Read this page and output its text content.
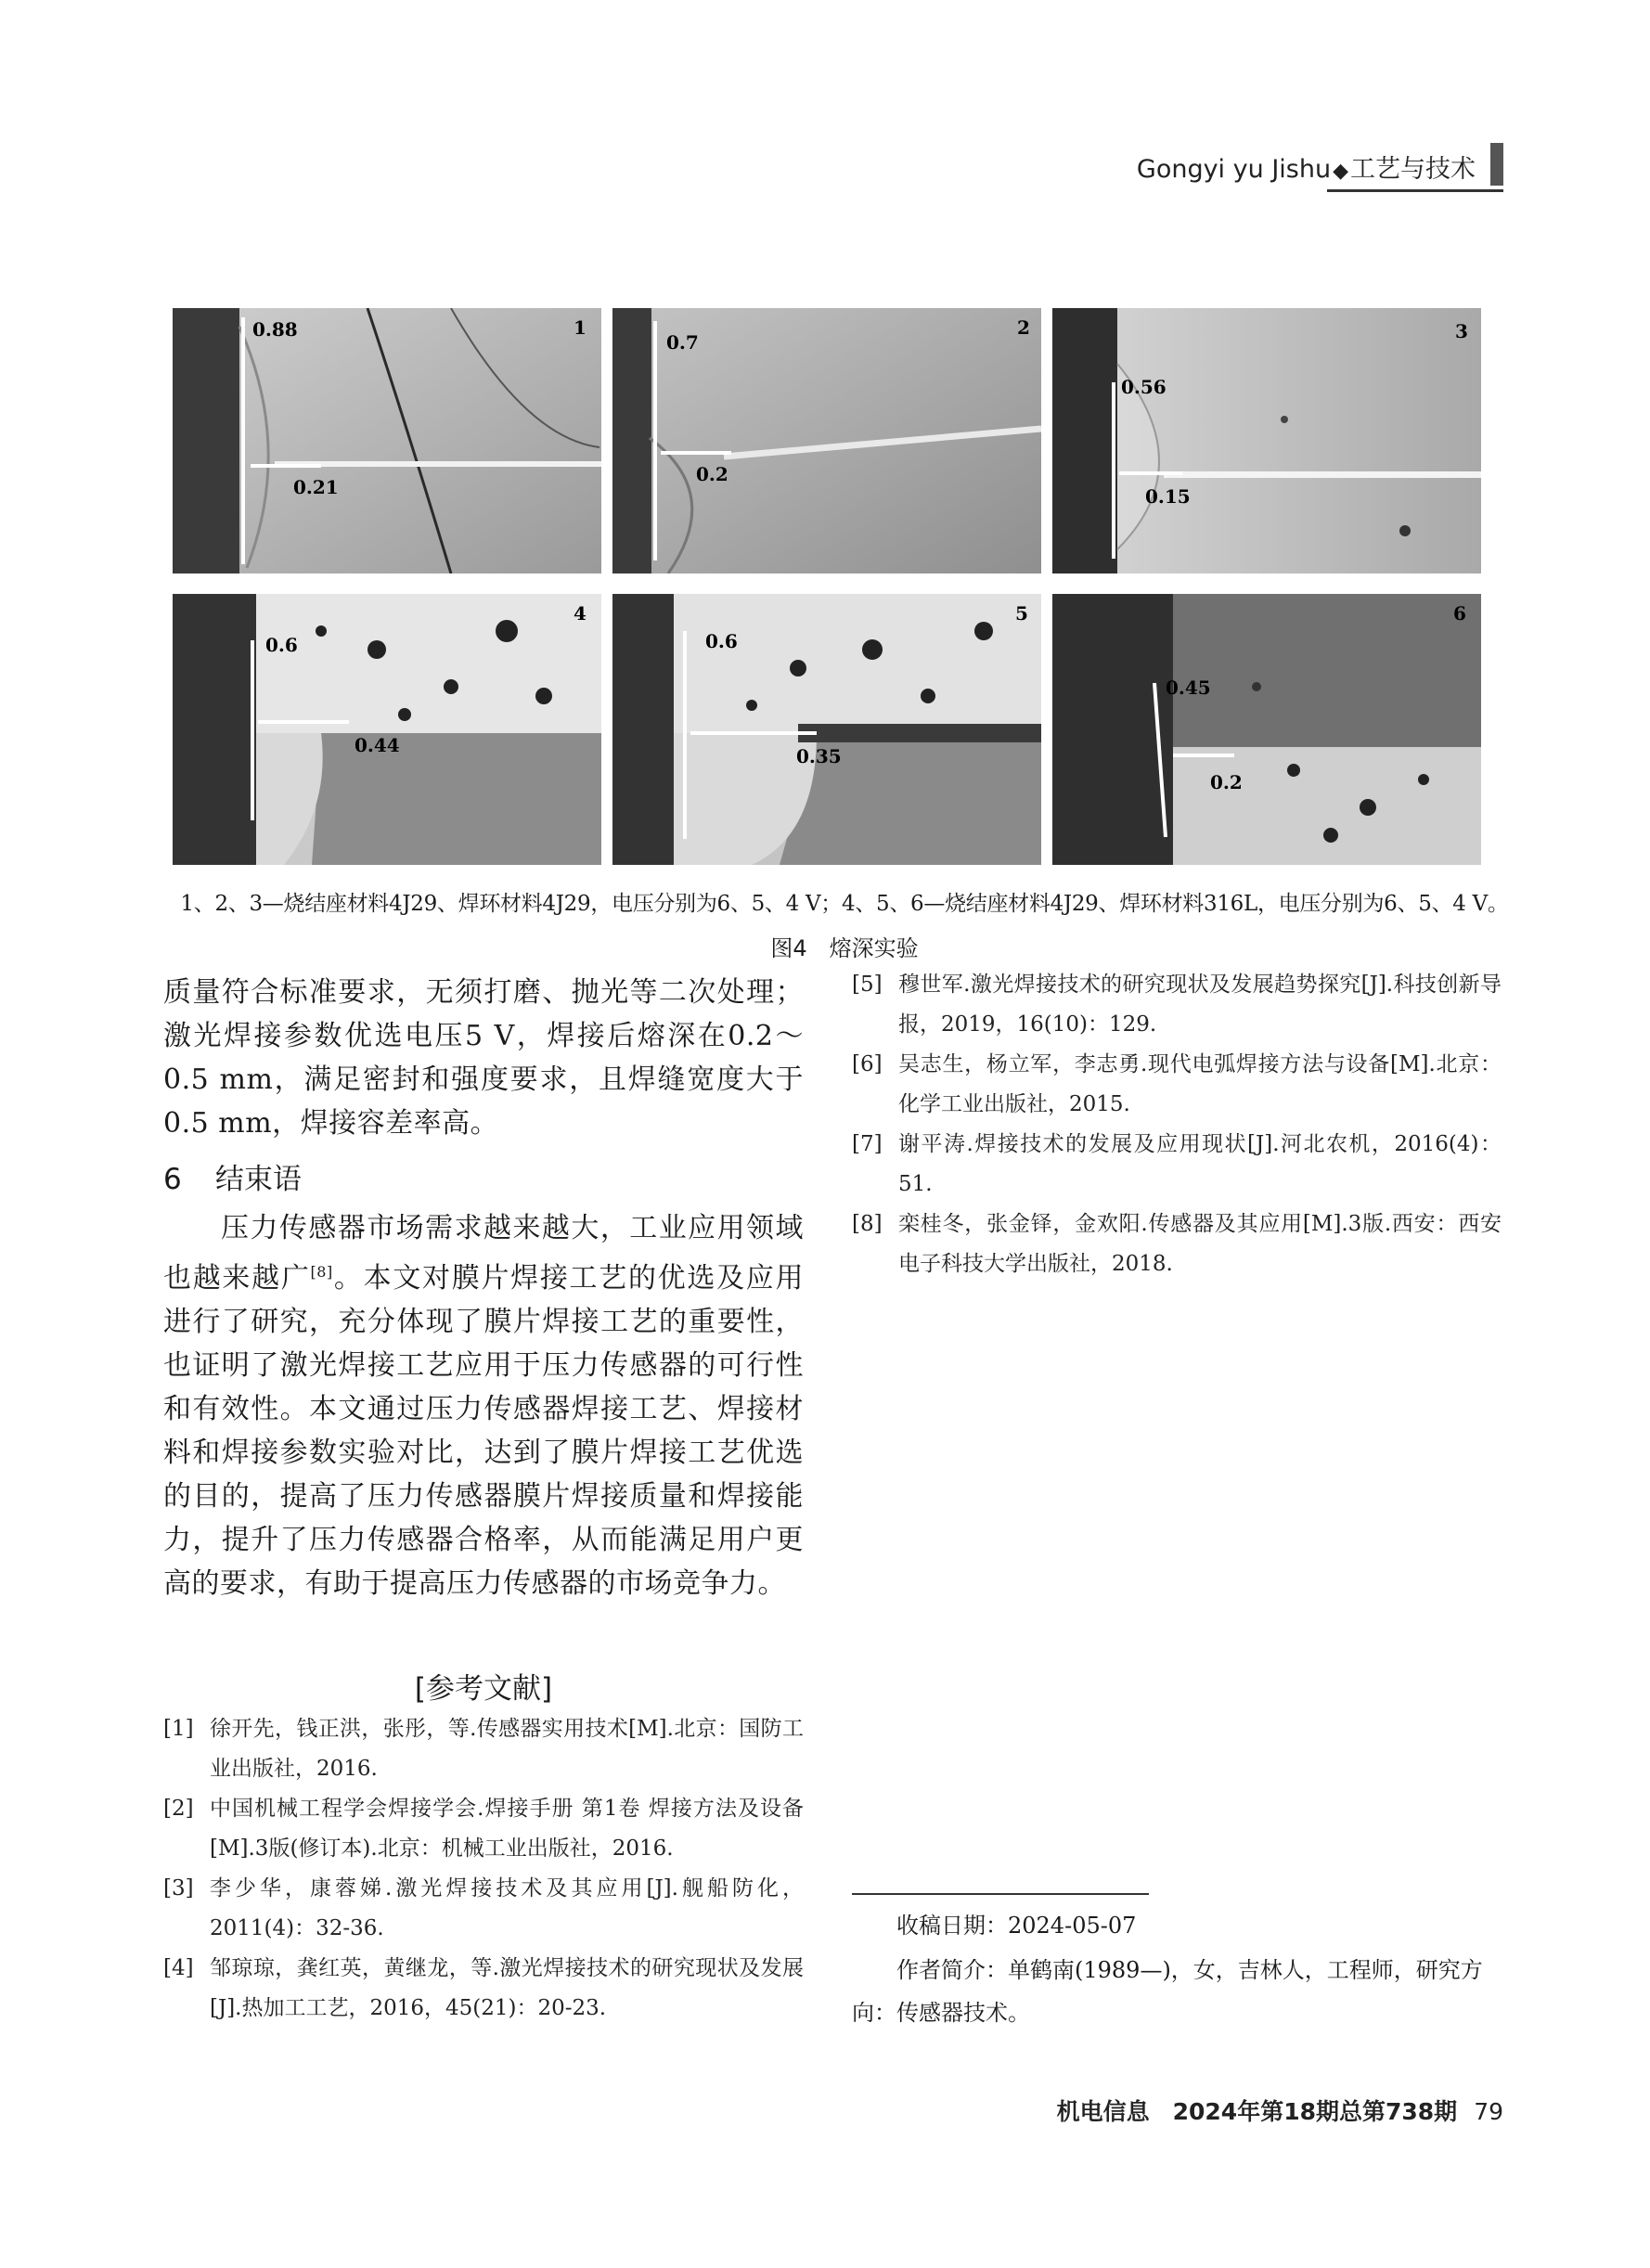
Gongyi yu Jishu◆工艺与技术
0.88
0.21
1
0.7
0.2
2
0.56
0.15
3
0.6
0.44
4
0.6
0.35
5
0.45
0.2
6
1、2、3—烧结座材料4J29、焊环材料4J29，电压分别为6、5、4 V；4、5、6—烧结座材料4J29、焊环材料316L，电压分别为6、5、4 V。
图4　熔深实验
质量符合标准要求，无须打磨、抛光等二次处理；激光焊接参数优选电压5 V，焊接后熔深在0.2～0.5 mm，满足密封和强度要求，且焊缝宽度大于0.5 mm，焊接容差率高。
6 结束语
压力传感器市场需求越来越大，工业应用领域也越来越广[8]。本文对膜片焊接工艺的优选及应用进行了研究，充分体现了膜片焊接工艺的重要性，也证明了激光焊接工艺应用于压力传感器的可行性和有效性。本文通过压力传感器焊接工艺、焊接材料和焊接参数实验对比，达到了膜片焊接工艺优选的目的，提高了压力传感器膜片焊接质量和焊接能力，提升了压力传感器合格率，从而能满足用户更高的要求，有助于提高压力传感器的市场竞争力。
[参考文献]
[1] 徐开先，钱正洪，张彤，等.传感器实用技术[M].北京：国防工业出版社，2016.
[2] 中国机械工程学会焊接学会.焊接手册 第1卷 焊接方法及设备[M].3版(修订本).北京：机械工业出版社，2016.
[3] 李少华，康蓉娣.激光焊接技术及其应用[J].舰船防化，2011(4)：32-36.
[4] 邹琼琼，龚红英，黄继龙，等.激光焊接技术的研究现状及发展[J].热加工工艺，2016，45(21)：20-23.
[5] 穆世军.激光焊接技术的研究现状及发展趋势探究[J].科技创新导报，2019，16(10)：129.
[6] 吴志生，杨立军，李志勇.现代电弧焊接方法与设备[M].北京：化学工业出版社，2015.
[7] 谢平涛.焊接技术的发展及应用现状[J].河北农机，2016(4)：51.
[8] 栾桂冬，张金铎，金欢阳.传感器及其应用[M].3版.西安：西安电子科技大学出版社，2018.
收稿日期：2024-05-07
作者简介：单鹤南(1989—)，女，吉林人，工程师，研究方向：传感器技术。
机电信息　2024年第18期总第738期 79
